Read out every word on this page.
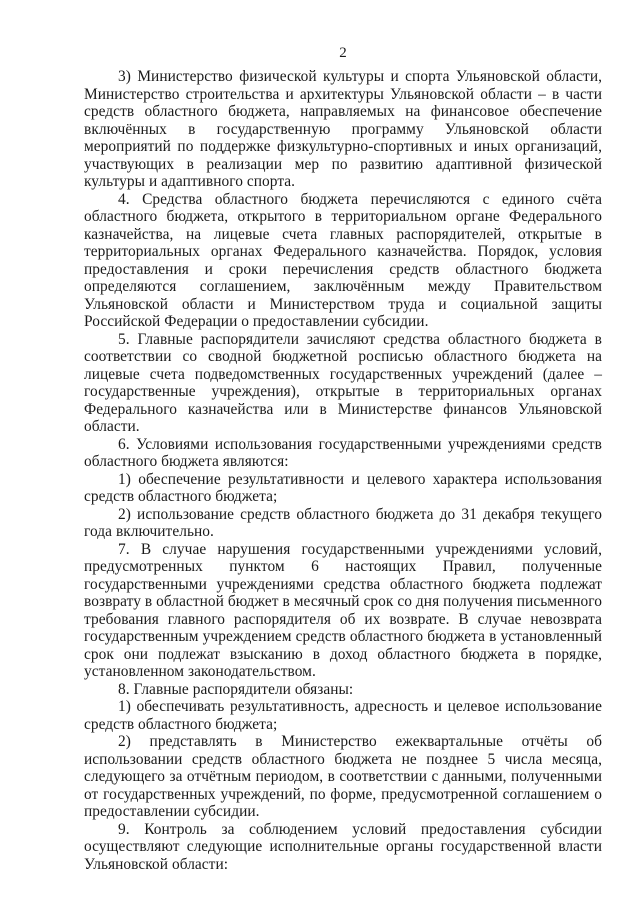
2

3) Министерство физической культуры и спорта Ульяновской области, Министерство строительства и архитектуры Ульяновской области – в части средств областного бюджета, направляемых на финансовое обеспечение включённых в государственную программу Ульяновской области мероприятий по поддержке физкультурно-спортивных и иных организаций, участвующих в реализации мер по развитию адаптивной физической культуры и адаптивного спорта.

4. Средства областного бюджета перечисляются с единого счёта областного бюджета, открытого в территориальном органе Федерального казначейства, на лицевые счета главных распорядителей, открытые в территориальных органах Федерального казначейства. Порядок, условия предоставления и сроки перечисления средств областного бюджета определяются соглашением, заключённым между Правительством Ульяновской области и Министерством труда и социальной защиты Российской Федерации о предоставлении субсидии.

5. Главные распорядители зачисляют средства областного бюджета в соответствии со сводной бюджетной росписью областного бюджета на лицевые счета подведомственных государственных учреждений (далее – государственные учреждения), открытые в территориальных органах Федерального казначейства или в Министерстве финансов Ульяновской области.

6. Условиями использования государственными учреждениями средств областного бюджета являются:

1) обеспечение результативности и целевого характера использования средств областного бюджета;

2) использование средств областного бюджета до 31 декабря текущего года включительно.

7. В случае нарушения государственными учреждениями условий, предусмотренных пунктом 6 настоящих Правил, полученные государственными учреждениями средства областного бюджета подлежат возврату в областной бюджет в месячный срок со дня получения письменного требования главного распорядителя об их возврате. В случае невозврата государственным учреждением средств областного бюджета в установленный срок они подлежат взысканию в доход областного бюджета в порядке, установленном законодательством.

8. Главные распорядители обязаны:

1) обеспечивать результативность, адресность и целевое использование средств областного бюджета;

2) представлять в Министерство ежеквартальные отчёты об использовании средств областного бюджета не позднее 5 числа месяца, следующего за отчётным периодом, в соответствии с данными, полученными от государственных учреждений, по форме, предусмотренной соглашением о предоставлении субсидии.

9. Контроль за соблюдением условий предоставления субсидии осуществляют следующие исполнительные органы государственной власти Ульяновской области:
